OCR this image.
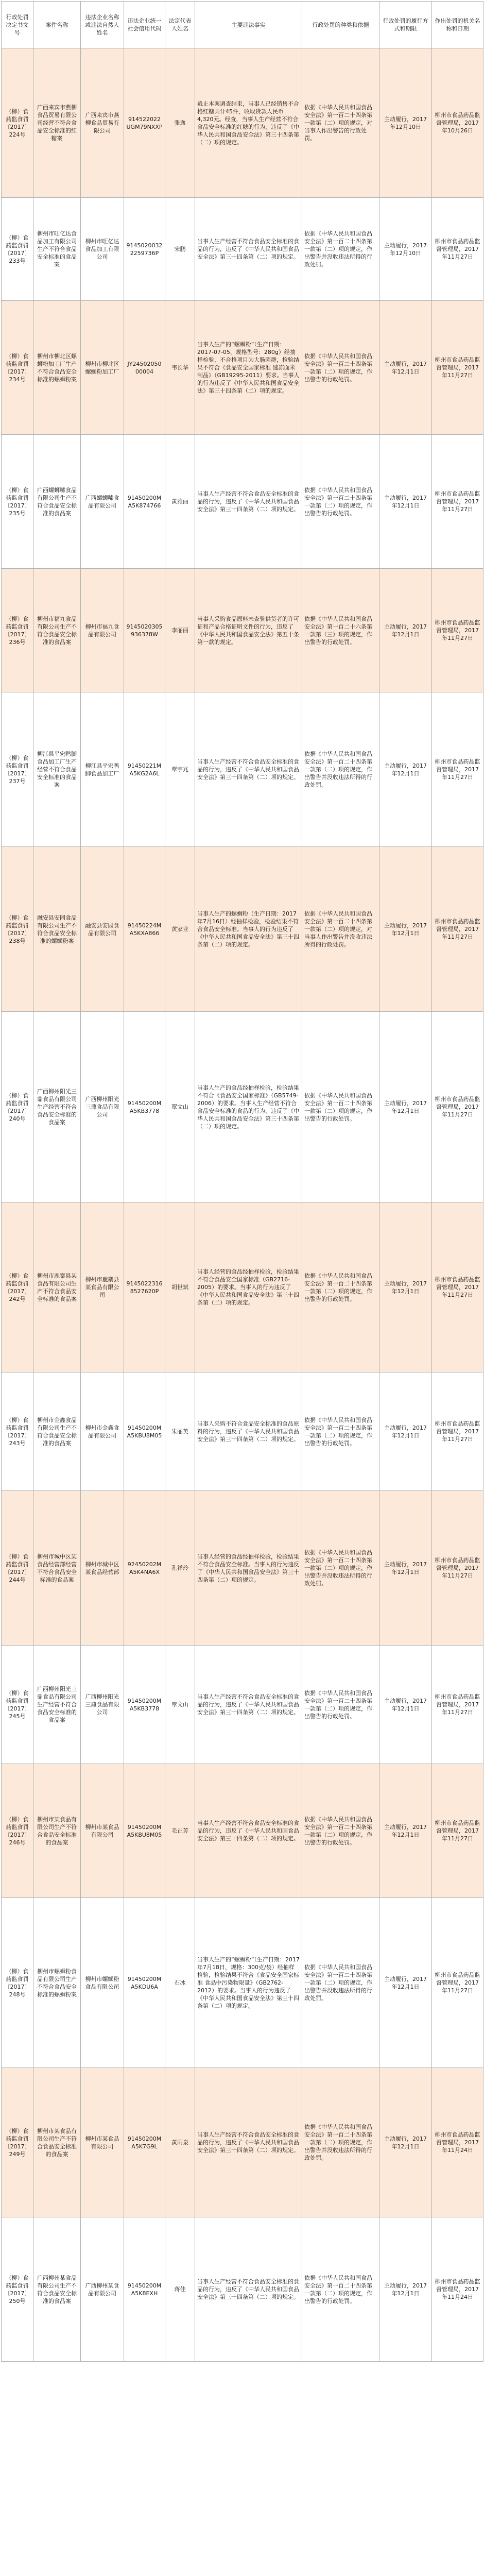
行政处罚决定书文号	案件名称	违法企业名称或违法自然人姓名	违法企业统一社会信用代码	法定代表人姓名	主要违法事实	行政处罚的种类和依据	行政处罚的履行方式和期限	作出处罚的机关名称和日期
（柳）食药监食罚〔2017〕224号	广西来宾市燕柳食品贸易有限公司经营不符合食品安全标准的红糖案	广西来宾市燕柳食品贸易有限公司	914522022UGM79NXXP	张逸	截止本案调查结束，当事人已经销售不合格红糖共计45件，收取货款人民币4,320元。经查，当事人生产经营不符合食品安全标准的红糖的行为，违反了《中华人民共和国食品安全法》第三十四条第（二）项的规定。	依据《中华人民共和国食品安全法》第一百二十四条第一款第（二）项的规定，对当事人作出警告的行政处罚。	主动履行，2017年12月10日	柳州市食品药品监督管理局，2017年10月26日
（柳）食药监食罚〔2017〕233号	柳州市旺亿达食品加工有限公司生产不符合食品安全标准的食品案	柳州市旺亿达食品加工有限公司	91450200322259736P	宋鹏	当事人生产经营不符合食品安全标准的食品的行为，违反了《中华人民共和国食品安全法》第三十四条第（二）项的规定。	依据《中华人民共和国食品安全法》第一百二十四条第一款第（二）项的规定，作出警告并没收违法所得的行政处罚。	主动履行，2017年12月10日	柳州市食品药品监督管理局，2017年11月27日
（柳）食药监食罚〔2017〕234号	柳州市柳北区螺蛳粉加工厂生产不符合食品安全标准的螺蛳粉案	柳州市柳北区螺蛳粉加工厂	JY2450205000004	韦长华	当事人生产的“螺蛳粉”（生产日期：2017-07-05，规格型号：280g）经抽样检验，不合格项目为大肠菌群，检验结果不符合《食品安全国家标准 速冻面米制品》（GB19295-2011）要求。当事人的行为违反了《中华人民共和国食品安全法》第三十四条第（二）项的规定。	依据《中华人民共和国食品安全法》第一百二十四条第一款第（二）项的规定，作出警告的行政处罚。	主动履行，2017年12月1日	柳州市食品药品监督管理局，2017年11月27日
（柳）食药监食罚〔2017〕235号	广西螺蛳嗦食品有限公司生产不符合食品安全标准的食品案	广西螺蛳嗦食品有限公司	91450200MA5K874766	黄雅丽	当事人生产经营不符合食品安全标准的食品的行为，违反了《中华人民共和国食品安全法》第三十四条第（二）项的规定。	依据《中华人民共和国食品安全法》第一百二十四条第一款第（二）项的规定，作出警告的行政处罚。	主动履行，2017年12月1日	柳州市食品药品监督管理局，2017年11月27日
（柳）食药监食罚〔2017〕236号	柳州市福九食品有限公司生产不符合食品安全标准的食品案	柳州市福九食品有限公司	9145020305936378W	李丽丽	当事人采购食品原料未查验供货者的许可证和产品合格证明文件的行为，违反了《中华人民共和国食品安全法》第五十条第一款的规定。	依据《中华人民共和国食品安全法》第一百二十六条第一款第（三）项的规定，作出警告的行政处罚。	主动履行，2017年12月1日	柳州市食品药品监督管理局，2017年11月27日
（柳）食药监食罚〔2017〕237号	柳江县平宏鸭脚食品加工厂生产经营不符合食品安全标准的食品案	柳江县平宏鸭脚食品加工厂	91450221MA5KG2A6L	覃宇兆	当事人生产经营不符合食品安全标准的食品的行为，违反了《中华人民共和国食品安全法》第三十四条第（二）项的规定。	依据《中华人民共和国食品安全法》第一百二十四条第一款第（二）项的规定，作出警告并没收违法所得的行政处罚。	主动履行，2017年12月1日	柳州市食品药品监督管理局，2017年11月27日
（柳）食药监食罚〔2017〕238号	融安县安园食品有限公司生产不符合食品安全标准的螺蛳粉案	融安县安园食品有限公司	91450224MA5KXA866	黄家业	当事人生产的螺蛳粉（生产日期：2017年7月16日）经抽样检验，检验结果不符合食品安全标准。当事人的行为违反了《中华人民共和国食品安全法》第三十四条第（二）项的规定。	依据《中华人民共和国食品安全法》第一百二十四条第一款第（二）项的规定，对当事人作出警告并没收违法所得的行政处罚。	主动履行，2017年12月1日	柳州市食品药品监督管理局，2017年11月27日
（柳）食药监食罚〔2017〕240号	广西柳州阳光三鼎食品有限公司生产经营不符合食品安全标准的食品案	广西柳州阳光三鼎食品有限公司	91450200MA5KB3778	覃文山	当事人生产的食品经抽样检验，检验结果不符合《食品安全国家标准》（GB5749-2006）的要求。当事人生产经营不符合食品安全标准的食品的行为，违反了《中华人民共和国食品安全法》第三十四条第（二）项的规定。	依据《中华人民共和国食品安全法》第一百二十四条第一款第（二）项的规定，作出警告的行政处罚。	主动履行，2017年12月1日	柳州市食品药品监督管理局，2017年11月27日
（柳）食药监食罚〔2017〕242号	柳州市鹿寨县某食品有限公司生产不符合食品安全标准的食品案	柳州市鹿寨县某食品有限公司	91450223168527620P	胡世斌	当事人经营的食品经抽样检验，检验结果不符合食品安全国家标准（GB2716-2005）的要求。当事人的行为违反了《中华人民共和国食品安全法》第三十四条第（二）项的规定。	依据《中华人民共和国食品安全法》第一百二十四条第一款第（二）项的规定，作出警告的行政处罚。	主动履行，2017年12月1日	柳州市食品药品监督管理局，2017年11月27日
（柳）食药监食罚〔2017〕243号	柳州市金鑫食品有限公司生产不符合食品安全标准的食品案	柳州市金鑫食品有限公司	91450200MA5KBU8M05	朱丽英	当事人采购不符合食品安全标准的食品原料的行为，违反了《中华人民共和国食品安全法》第三十四条第（二）项的规定。	依据《中华人民共和国食品安全法》第一百二十四条第一款第（二）项的规定，作出警告的行政处罚。	主动履行，2017年12月1日	柳州市食品药品监督管理局，2017年11月27日
（柳）食药监食罚〔2017〕244号	柳州市城中区某食品经营部经营不符合食品安全标准的食品案	柳州市城中区某食品经营部	92450202MA5K4NA6X	孔祥玲	当事人经营的食品经抽样检验，检验结果不符合食品安全标准。当事人的行为违反了《中华人民共和国食品安全法》第三十四条第（二）项的规定。	依据《中华人民共和国食品安全法》第一百二十四条第一款第（二）项的规定，作出警告并没收违法所得的行政处罚。	主动履行，2017年12月1日	柳州市食品药品监督管理局，2017年11月27日
（柳）食药监食罚〔2017〕245号	广西柳州阳光三鼎食品有限公司生产经营不符合食品安全标准的食品案	广西柳州阳光三鼎食品有限公司	91450200MA5KB3778	覃文山	当事人生产经营不符合食品安全标准的食品的行为，违反了《中华人民共和国食品安全法》第三十四条第（二）项的规定。	依据《中华人民共和国食品安全法》第一百二十四条第一款第（二）项的规定，作出警告的行政处罚。	主动履行，2017年12月1日	柳州市食品药品监督管理局，2017年11月27日
（柳）食药监食罚〔2017〕246号	柳州市某食品有限公司生产不符合食品安全标准的食品案	柳州市某食品有限公司	91450200MA5KBU8M05	毛正芳	当事人生产经营不符合食品安全标准的食品的行为，违反了《中华人民共和国食品安全法》第三十四条第（二）项的规定。	依据《中华人民共和国食品安全法》第一百二十四条第一款第（二）项的规定，作出警告的行政处罚。	主动履行，2017年12月1日	柳州市食品药品监督管理局，2017年11月27日
（柳）食药监食罚〔2017〕248号	柳州市螺蛳粉食品有限公司生产不符合食品安全标准的螺蛳粉案	柳州市螺蛳粉食品有限公司	91450200MA5KDU6A	石冰	当事人生产的“螺蛳粉”（生产日期：2017年7月18日，规格：300克/袋）经抽样检验，检验结果不符合《食品安全国家标准 食品中污染物限量》（GB2762-2012）的要求。当事人的行为违反了《中华人民共和国食品安全法》第三十四条第（二）项的规定。	依据《中华人民共和国食品安全法》第一百二十四条第一款第（二）项的规定，作出警告并没收违法所得的行政处罚。	主动履行，2017年12月1日	柳州市食品药品监督管理局，2017年11月27日
（柳）食药监食罚〔2017〕249号	柳州市某食品有限公司生产不符合食品安全标准的食品案	柳州市某食品有限公司	91450200MA5K7G9L	黄雨泉	当事人生产经营不符合食品安全标准的食品的行为，违反了《中华人民共和国食品安全法》第三十四条第（二）项的规定。	依据《中华人民共和国食品安全法》第一百二十四条第一款第（二）项的规定，作出警告并没收违法所得的行政处罚。	主动履行，2017年12月1日	柳州市食品药品监督管理局，2017年11月24日
（柳）食药监食罚〔2017〕250号	广西柳州某食品有限公司生产不符合食品安全标准的食品案	广西柳州某食品有限公司	91450200MA5K8EXH	蒋佳	当事人生产经营不符合食品安全标准的食品的行为，违反了《中华人民共和国食品安全法》第三十四条第（二）项的规定。	依据《中华人民共和国食品安全法》第一百二十四条第一款第（二）项的规定，作出警告的行政处罚。	主动履行，2017年12月1日	柳州市食品药品监督管理局，2017年11月24日
